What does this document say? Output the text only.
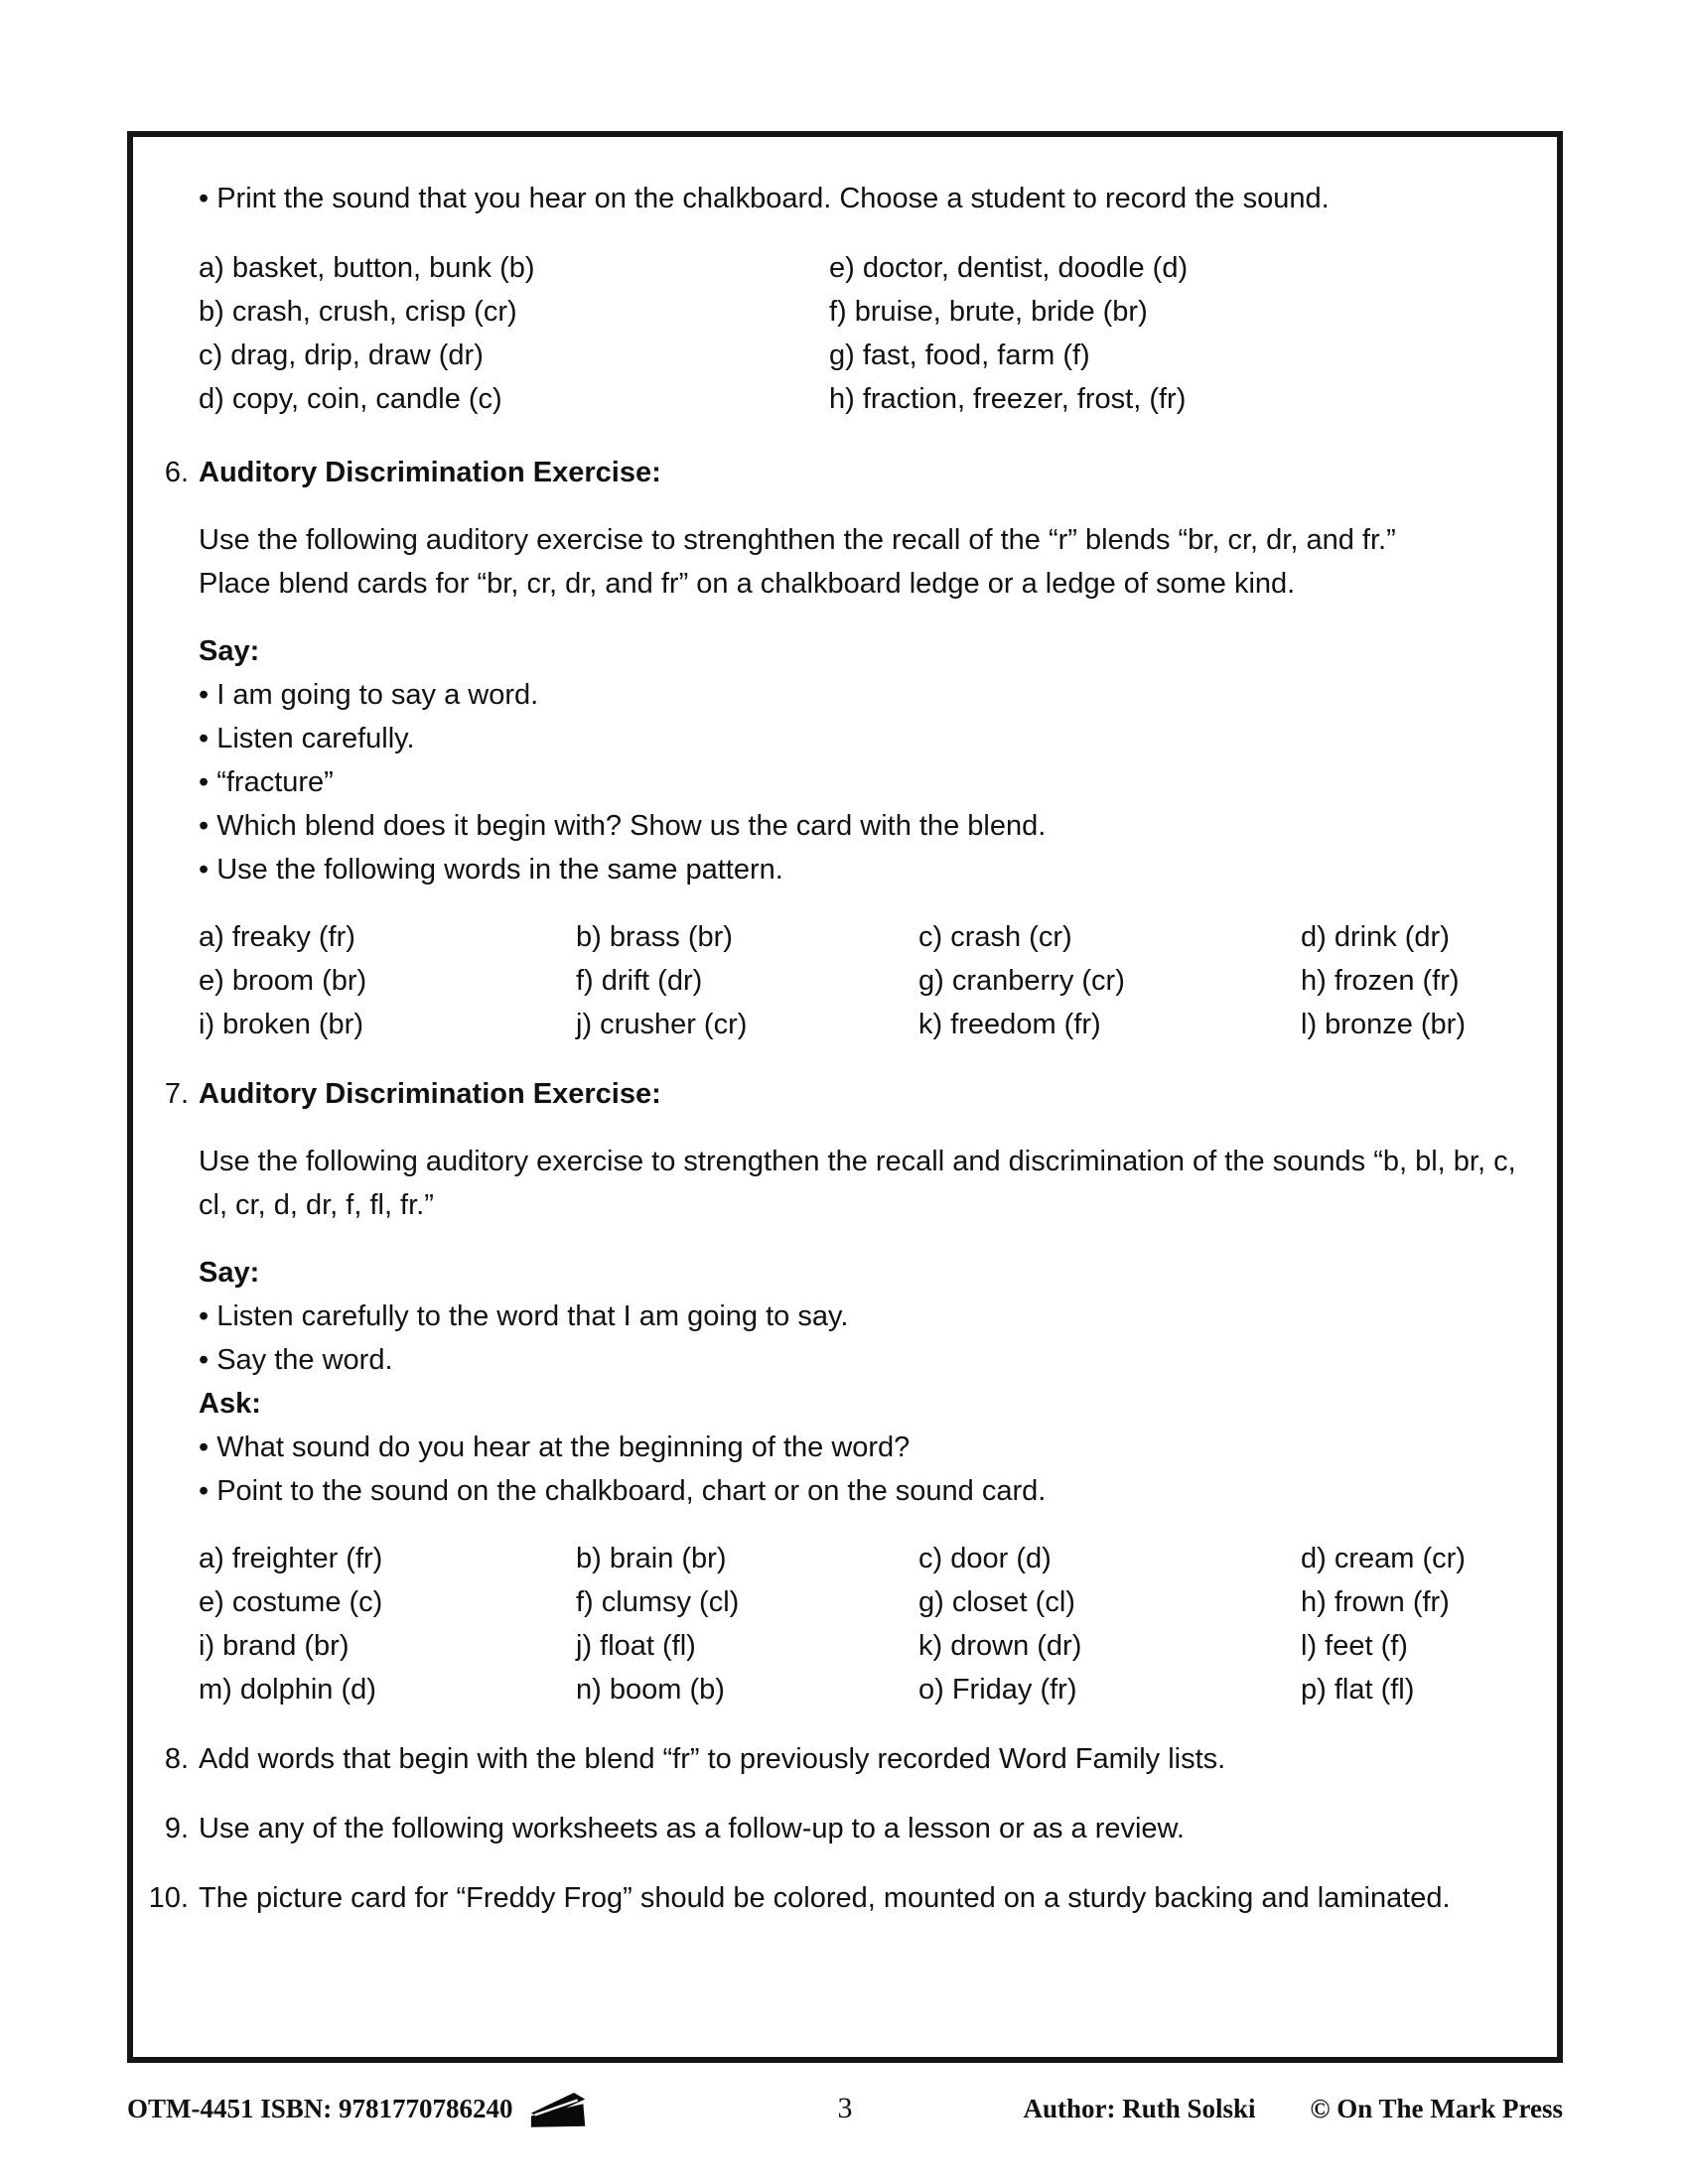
• Print the sound that you hear on the chalkboard. Choose a student to record the sound.

a) basket, button, bunk (b)	e) doctor, dentist, doodle (d)
b) crash, crush, crisp (cr)	f) bruise, brute, bride (br)
c) drag, drip, draw (dr)	g) fast, food, farm (f)
d) copy, coin, candle (c)	h) fraction, freezer, frost, (fr)
6. Auditory Discrimination Exercise:

Use the following auditory exercise to strenghthen the recall of the “r” blends “br, cr, dr, and fr.”

Place blend cards for “br, cr, dr, and fr” on a chalkboard ledge or a ledge of some kind.

Say:

• I am going to say a word.

• Listen carefully.

• “fracture”

• Which blend does it begin with? Show us the card with the blend.

• Use the following words in the same pattern.

a) freaky (fr)	b) brass (br)	c) crash (cr)	d) drink (dr)
e) broom (br)	f) drift (dr)	g) cranberry (cr)	h) frozen (fr)
i) broken (br)	j) crusher (cr)	k) freedom (fr)	l) bronze (br)
7. Auditory Discrimination Exercise:

Use the following auditory exercise to strengthen the recall and discrimination of the sounds “b, bl, br, c, cl, cr, d, dr, f, fl, fr.”

Say:

• Listen carefully to the word that I am going to say.

• Say the word.

Ask:

• What sound do you hear at the beginning of the word?

• Point to the sound on the chalkboard, chart or on the sound card.

a) freighter (fr)	b) brain (br)	c) door (d)	d) cream (cr)
e) costume (c)	f) clumsy (cl)	g) closet (cl)	h) frown (fr)
i) brand (br)	j) float (fl)	k) drown (dr)	l) feet (f)
m) dolphin (d)	n) boom (b)	o) Friday (fr)	p) flat (fl)
8. Add words that begin with the blend “fr” to previously recorded Word Family lists.

9. Use any of the following worksheets as a follow-up to a lesson or as a review.

10. The picture card for “Freddy Frog” should be colored, mounted on a sturdy backing and laminated.

OTM-4451 ISBN: 9781770786240	3	Author: Ruth Solski © On The Mark Press
